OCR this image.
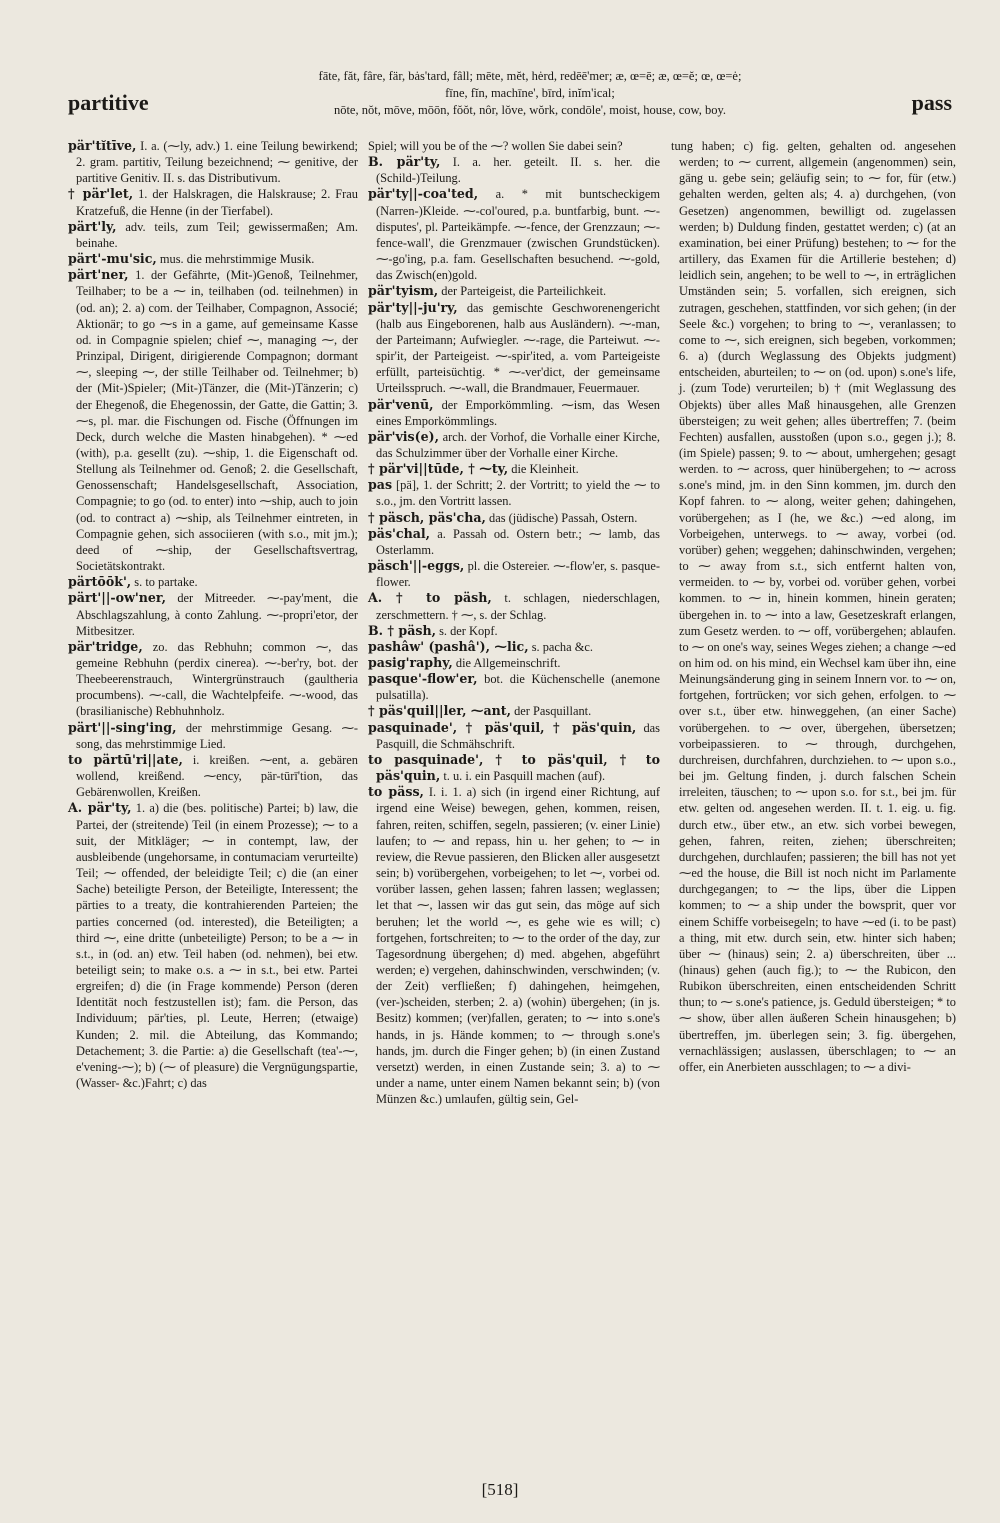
partitive
fāte, făt, fâre, fär, bȧs'tard, fâll; mēte, mĕt, hėrd, redēē'mer; æ, œ=ē; æ, œ=ĕ; œ, œ=ė;
fīne, fĭn, machīne', bīrd, inĭm'ical;
nōte, nŏt, mōve, mōōn, fŏŏt, nôr, lŏve, wŏrk, condōle', moist, house, cow, boy.	pass

pär'tĭtīve, I. a. (⁓ly, adv.) 1. eine Teilung bewirkend; 2. gram. partitiv, Teilung bezeichnend; ⁓ genitive, der partitive Genitiv. II. s. das Distributivum.

† pär'let, 1. der Halskragen, die Halskrause; 2. Frau Kratzefuß, die Henne (in der Tierfabel).

pärt'ly, adv. teils, zum Teil; gewissermaßen; Am. beinahe.

pärt'-mu'sic, mus. die mehrstimmige Musik.

pärt'ner, 1. der Gefährte, (Mit-)Genoß, Teilnehmer, Teilhaber; to be a ⁓ in, teilhaben (od. teilnehmen) in (od. an); 2. a) com. der Teilhaber, Compagnon, Associé; Aktionär; to go ⁓s in a game, auf gemeinsame Kasse od. in Compagnie spielen; chief ⁓, managing ⁓, der Prinzipal, Dirigent, dirigierende Compagnon; dormant ⁓, sleeping ⁓, der stille Teilhaber od. Teilnehmer; b) der (Mit-)Spieler; (Mit-)Tänzer, die (Mit-)Tänzerin; c) der Ehegenoß, die Ehegenossin, der Gatte, die Gattin; 3. ⁓s, pl. mar. die Fischungen od. Fische (Öffnungen im Deck, durch welche die Masten hinabgehen). * ⁓ed (with), p.a. gesellt (zu). ⁓ship, 1. die Eigenschaft od. Stellung als Teilnehmer od. Genoß; 2. die Gesellschaft, Genossenschaft; Handelsgesellschaft, Association, Compagnie; to go (od. to enter) into ⁓ship, auch to join (od. to contract a) ⁓ship, als Teilnehmer eintreten, in Compagnie gehen, sich associieren (with s.o., mit jm.); deed of ⁓ship, der Gesellschaftsvertrag, Societätskontrakt.

pärtōōk', s. to partake.

pärt'||-ow'ner, der Mitreeder. ⁓-pay'ment, die Abschlagszahlung, à conto Zahlung. ⁓-propri'etor, der Mitbesitzer.

pär'tridge, zo. das Rebhuhn; common ⁓, das gemeine Rebhuhn (perdix cinerea). ⁓-ber'ry, bot. der Theebeerenstrauch, Wintergrünstrauch (gaultheria procumbens). ⁓-call, die Wachtelpfeife. ⁓-wood, das (brasilianische) Rebhuhnholz.

pärt'||-sing'ing, der mehrstimmige Gesang. ⁓-song, das mehrstimmige Lied.

to pärtū'ri||ate, i. kreißen. ⁓ent, a. gebären wollend, kreißend. ⁓ency, pär-tūrī'tion, das Gebärenwollen, Kreißen.

A. pär'ty, 1. a) die (bes. politische) Partei; b) law, die Partei, der (streitende) Teil (in einem Prozesse); ⁓ to a suit, der Mitkläger; ⁓ in contempt, law, der ausbleibende (ungehorsame, in contumaciam verurteilte) Teil; ⁓ offended, der beleidigte Teil; c) die (an einer Sache) beteiligte Person, der Beteiligte, Interessent; the pärties to a treaty, die kontrahierenden Parteien; the parties concerned (od. interested), die Beteiligten; a third ⁓, eine dritte (unbeteiligte) Person; to be a ⁓ in s.t., in (od. an) etw. Teil haben (od. nehmen), bei etw. beteiligt sein; to make o.s. a ⁓ in s.t., bei etw. Partei ergreifen; d) die (in Frage kommende) Person (deren Identität noch festzustellen ist); fam. die Person, das Individuum; pär'ties, pl. Leute, Herren; (etwaige) Kunden; 2. mil. die Abteilung, das Kommando; Detachement; 3. die Partie: a) die Gesellschaft (tea'-⁓, e'vening-⁓); b) (⁓ of pleasure) die Vergnügungspartie, (Wasser- &c.)Fahrt; c) das

Spiel; will you be of the ⁓? wollen Sie dabei sein?

B. pär'ty, I. a. her. geteilt. II. s. her. die (Schild-)Teilung.

pär'ty||-coa'ted, a. * mit buntscheckigem (Narren-)Kleide. ⁓-col'oured, p.a. buntfarbig, bunt. ⁓-disputes', pl. Parteikämpfe. ⁓-fence, der Grenzzaun; ⁓-fence-wall', die Grenzmauer (zwischen Grundstücken). ⁓-go'ing, p.a. fam. Gesellschaften besuchend. ⁓-gold, das Zwisch(en)gold.

pär'tyism, der Parteigeist, die Parteilichkeit.

pär'ty||-ju'ry, das gemischte Geschworenengericht (halb aus Eingeborenen, halb aus Ausländern). ⁓-man, der Parteimann; Aufwiegler. ⁓-rage, die Parteiwut. ⁓-spir'it, der Parteigeist. ⁓-spir'ited, a. vom Parteigeiste erfüllt, parteisüchtig. * ⁓-ver'dict, der gemeinsame Urteilsspruch. ⁓-wall, die Brandmauer, Feuermauer.

pär'venū, der Emporkömmling. ⁓ism, das Wesen eines Emporkömmlings.

pär'vis(e), arch. der Vorhof, die Vorhalle einer Kirche, das Schulzimmer über der Vorhalle einer Kirche.

† pär'vi||tūde, † ⁓ty, die Kleinheit.

pas [pä], 1. der Schritt; 2. der Vortritt; to yield the ⁓ to s.o., jm. den Vortritt lassen.

† päsch, päs'cha, das (jüdische) Passah, Ostern.

päs'chal, a. Passah od. Ostern betr.; ⁓ lamb, das Osterlamm.

päsch'||-eggs, pl. die Ostereier. ⁓-flow'er, s. pasque-flower.

A. † to päsh, t. schlagen, niederschlagen, zerschmettern. † ⁓, s. der Schlag.

B. † päsh, s. der Kopf.

pashâw' (pashâ'), ⁓lic, s. pacha &c.

pasig'raphy, die Allgemeinschrift.

pasque'-flow'er, bot. die Küchenschelle (anemone pulsatilla).

† päs'quil||ler, ⁓ant, der Pasquillant.

pasquinade', † päs'quil, † päs'quin, das Pasquill, die Schmähschrift.

to pasquinade', † to päs'quil, † to päs'quin, t. u. i. ein Pasquill machen (auf).

to päss, I. i. 1. a) sich (in irgend einer Richtung, auf irgend eine Weise) bewegen, gehen, kommen, reisen, fahren, reiten, schiffen, segeln, passieren; (v. einer Linie) laufen; to ⁓ and repass, hin u. her gehen; to ⁓ in review, die Revue passieren, den Blicken aller ausgesetzt sein; b) vorübergehen, vorbeigehen; to let ⁓, vorbei od. vorüber lassen, gehen lassen; fahren lassen; weglassen; let that ⁓, lassen wir das gut sein, das möge auf sich beruhen; let the world ⁓, es gehe wie es will; c) fortgehen, fortschreiten; to ⁓ to the order of the day, zur Tagesordnung übergehen; d) med. abgehen, abgeführt werden; e) vergehen, dahinschwinden, verschwinden; (v. der Zeit) verfließen; f) dahingehen, heimgehen, (ver-)scheiden, sterben; 2. a) (wohin) übergehen; (in js. Besitz) kommen; (ver)fallen, geraten; to ⁓ into s.one's hands, in js. Hände kommen; to ⁓ through s.one's hands, jm. durch die Finger gehen; b) (in einen Zustand versetzt) werden, in einen Zustande sein; 3. a) to ⁓ under a name, unter einem Namen bekannt sein; b) (von Münzen &c.) umlaufen, gültig sein, Gel-

tung haben; c) fig. gelten, gehalten od. angesehen werden; to ⁓ current, allgemein (angenommen) sein, gäng u. gebe sein; geläufig sein; to ⁓ for, für (etw.) gehalten werden, gelten als; 4. a) durchgehen, (von Gesetzen) angenommen, bewilligt od. zugelassen werden; b) Duldung finden, gestattet werden; c) (at an examination, bei einer Prüfung) bestehen; to ⁓ for the artillery, das Examen für die Artillerie bestehen; d) leidlich sein, angehen; to be well to ⁓, in erträglichen Umständen sein; 5. vorfallen, sich ereignen, sich zutragen, geschehen, stattfinden, vor sich gehen; (in der Seele &c.) vorgehen; to bring to ⁓, veranlassen; to come to ⁓, sich ereignen, sich begeben, vorkommen; 6. a) (durch Weglassung des Objekts judgment) entscheiden, aburteilen; to ⁓ on (od. upon) s.one's life, j. (zum Tode) verurteilen; b) † (mit Weglassung des Objekts) über alles Maß hinausgehen, alle Grenzen übersteigen; zu weit gehen; alles übertreffen; 7. (beim Fechten) ausfallen, ausstoßen (upon s.o., gegen j.); 8. (im Spiele) passen; 9. to ⁓ about, umhergehen; gesagt werden. to ⁓ across, quer hinübergehen; to ⁓ across s.one's mind, jm. in den Sinn kommen, jm. durch den Kopf fahren. to ⁓ along, weiter gehen; dahingehen, vorübergehen; as I (he, we &c.) ⁓ed along, im Vorbeigehen, unterwegs. to ⁓ away, vorbei (od. vorüber) gehen; weggehen; dahinschwinden, vergehen; to ⁓ away from s.t., sich entfernt halten von, vermeiden. to ⁓ by, vorbei od. vorüber gehen, vorbei kommen. to ⁓ in, hinein kommen, hinein geraten; übergehen in. to ⁓ into a law, Gesetzeskraft erlangen, zum Gesetz werden. to ⁓ off, vorübergehen; ablaufen. to ⁓ on one's way, seines Weges ziehen; a change ⁓ed on him od. on his mind, ein Wechsel kam über ihn, eine Meinungsänderung ging in seinem Innern vor. to ⁓ on, fortgehen, fortrücken; vor sich gehen, erfolgen. to ⁓ over s.t., über etw. hinweggehen, (an einer Sache) vorübergehen. to ⁓ over, übergehen, übersetzen; vorbeipassieren. to ⁓ through, durchgehen, durchreisen, durchfahren, durchziehen. to ⁓ upon s.o., bei jm. Geltung finden, j. durch falschen Schein irreleiten, täuschen; to ⁓ upon s.o. for s.t., bei jm. für etw. gelten od. angesehen werden. II. t. 1. eig. u. fig. durch etw., über etw., an etw. sich vorbei bewegen, gehen, fahren, reiten, ziehen; überschreiten; durchgehen, durchlaufen; passieren; the bill has not yet ⁓ed the house, die Bill ist noch nicht im Parlamente durchgegangen; to ⁓ the lips, über die Lippen kommen; to ⁓ a ship under the bowsprit, quer vor einem Schiffe vorbeisegeln; to have ⁓ed (i. to be past) a thing, mit etw. durch sein, etw. hinter sich haben; über ⁓ (hinaus) sein; 2. a) überschreiten, über ... (hinaus) gehen (auch fig.); to ⁓ the Rubicon, den Rubikon überschreiten, einen entscheidenden Schritt thun; to ⁓ s.one's patience, js. Geduld übersteigen; * to ⁓ show, über allen äußeren Schein hinausgehen; b) übertreffen, jm. überlegen sein; 3. fig. übergehen, vernachlässigen; auslassen, überschlagen; to ⁓ an offer, ein Anerbieten ausschlagen; to ⁓ a divi-

[518]
